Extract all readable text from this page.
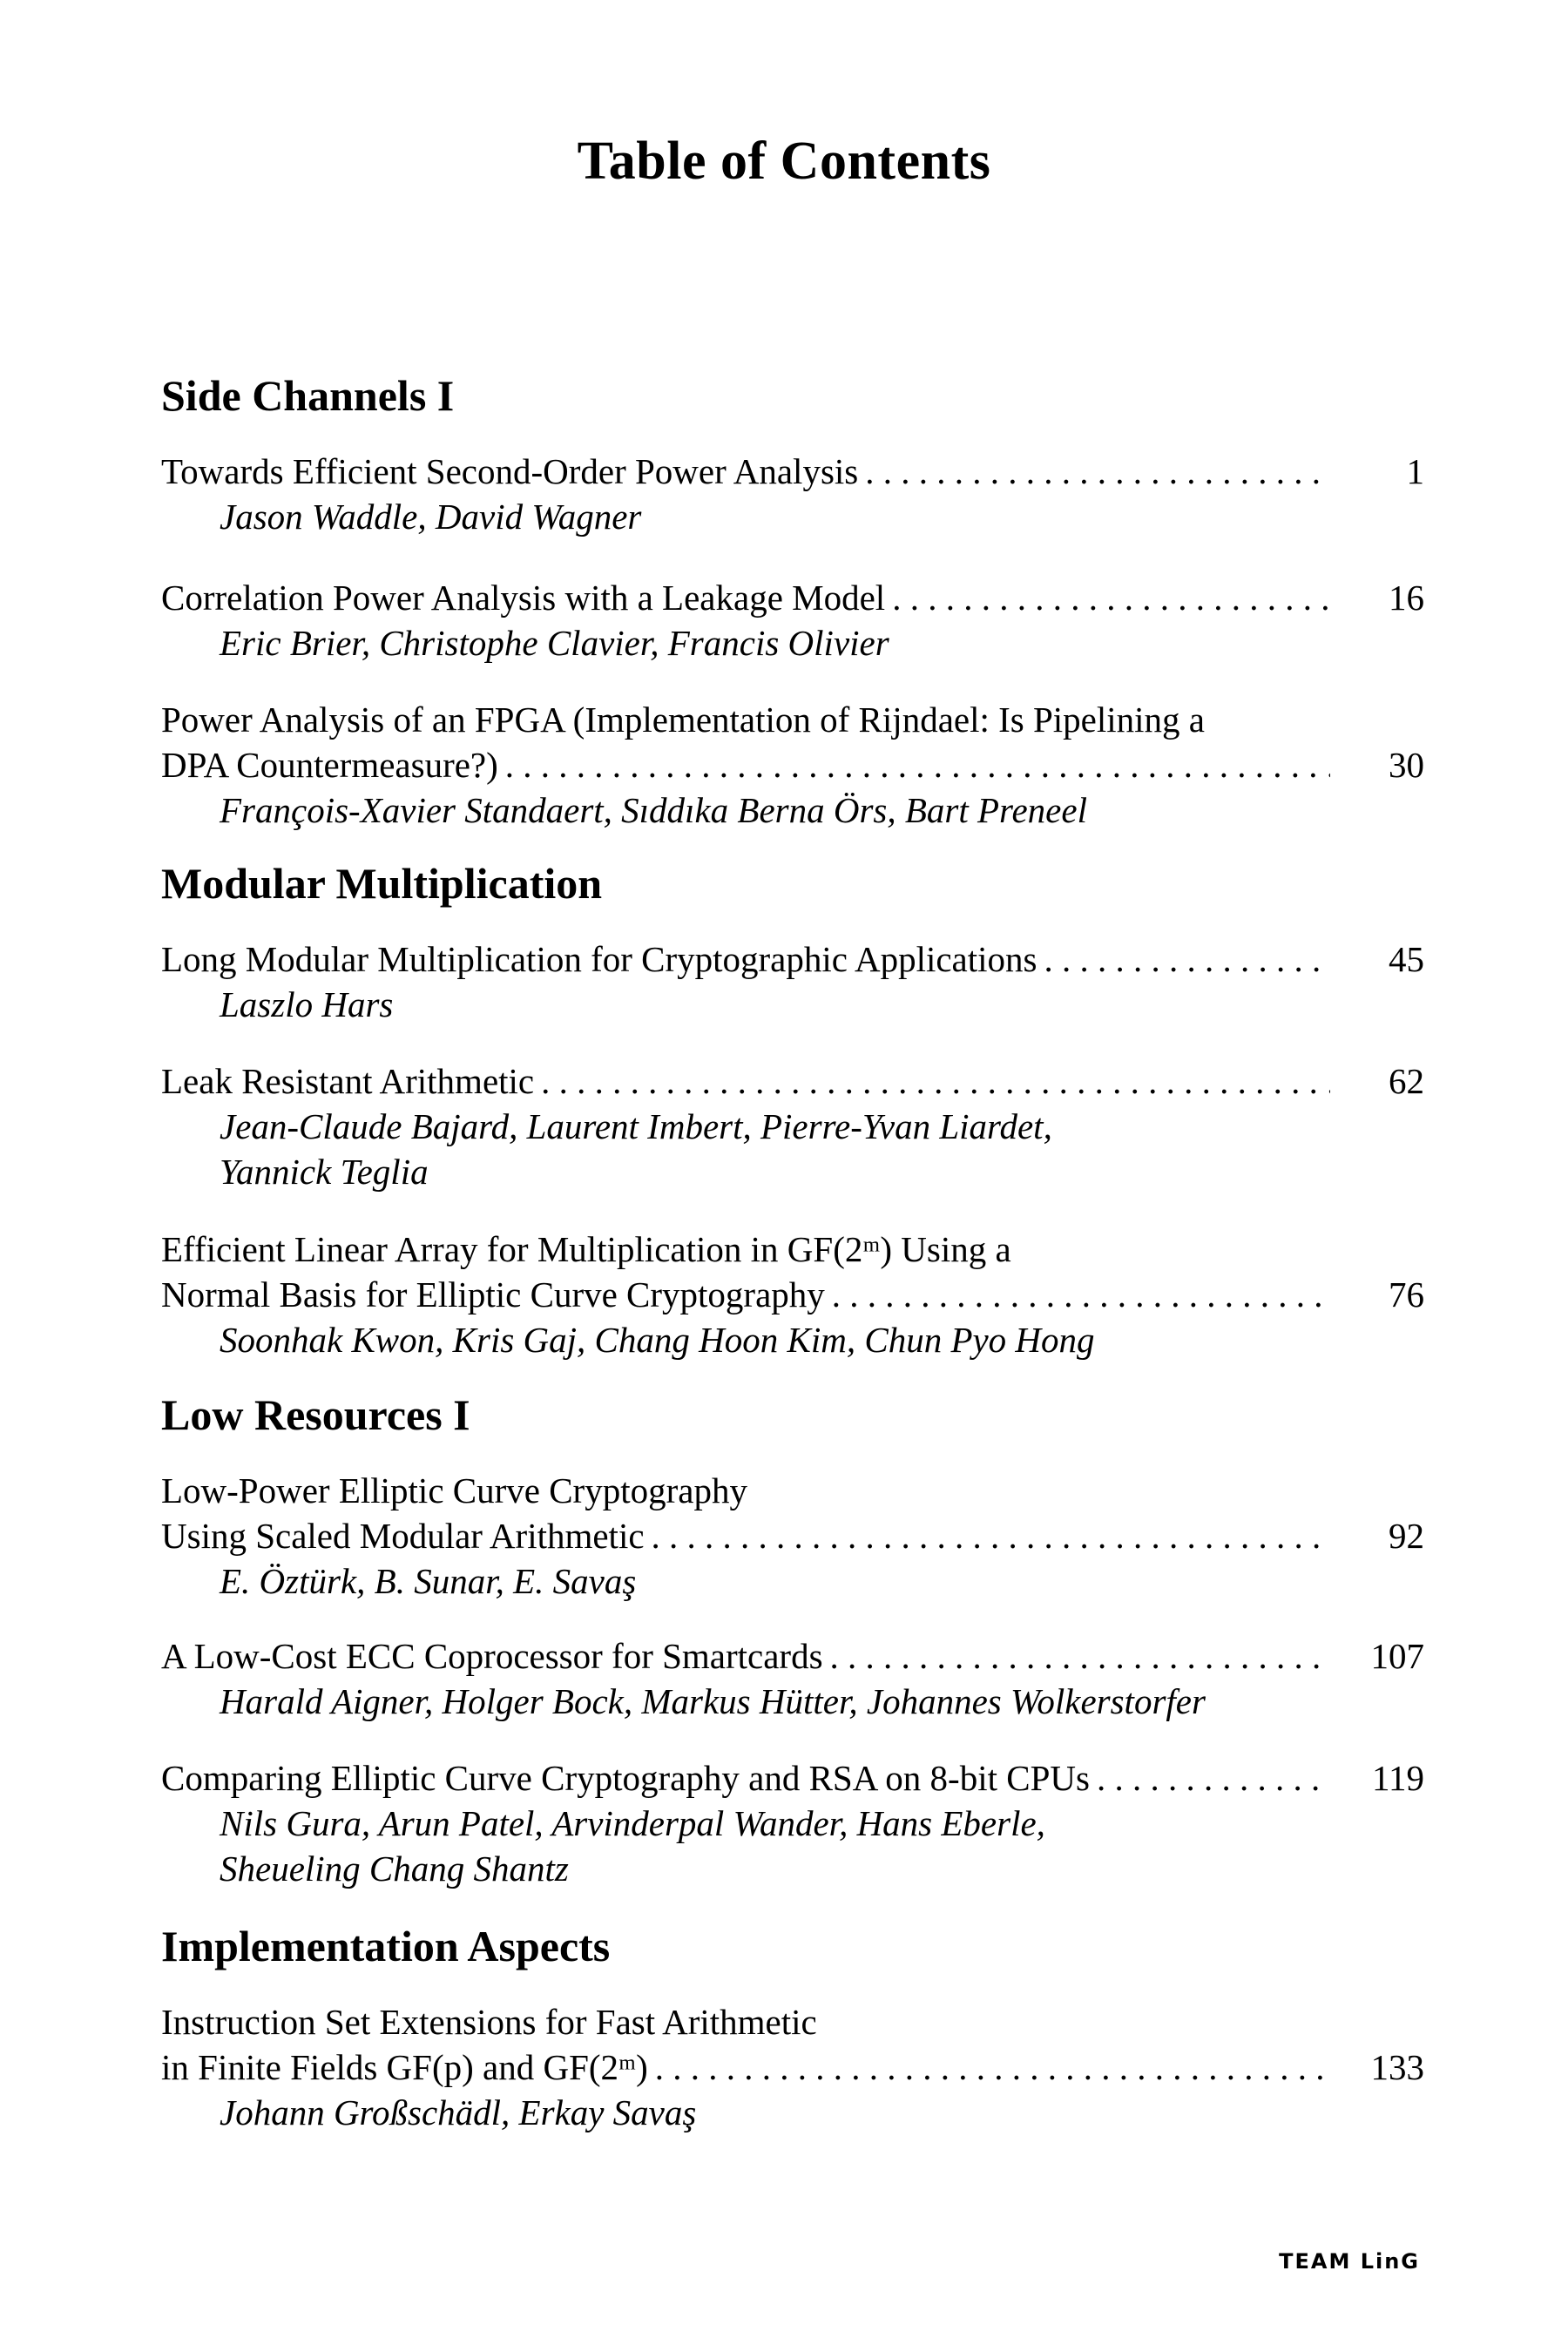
Table of Contents
Side Channels I
Towards Efficient Second-Order Power Analysis . . .	1
Jason Waddle, David Wagner
Correlation Power Analysis with a Leakage Model . . .	16
Eric Brier, Christophe Clavier, Francis Olivier
Power Analysis of an FPGA (Implementation of Rijndael: Is Pipelining a
DPA Countermeasure?) . . .	30
François-Xavier Standaert, Sıddıka Berna Örs, Bart Preneel
Modular Multiplication
Long Modular Multiplication for Cryptographic Applications . . .	45
Laszlo Hars
Leak Resistant Arithmetic . . .	62
Jean-Claude Bajard, Laurent Imbert, Pierre-Yvan Liardet,
Yannick Teglia
Efficient Linear Array for Multiplication in GF(2ᵐ) Using a
Normal Basis for Elliptic Curve Cryptography . . .	76
Soonhak Kwon, Kris Gaj, Chang Hoon Kim, Chun Pyo Hong
Low Resources I
Low-Power Elliptic Curve Cryptography
Using Scaled Modular Arithmetic . . .	92
E. Öztürk, B. Sunar, E. Savaş
A Low-Cost ECC Coprocessor for Smartcards . . .	107
Harald Aigner, Holger Bock, Markus Hütter, Johannes Wolkerstorfer
Comparing Elliptic Curve Cryptography and RSA on 8-bit CPUs . . .	119
Nils Gura, Arun Patel, Arvinderpal Wander, Hans Eberle,
Sheueling Chang Shantz
Implementation Aspects
Instruction Set Extensions for Fast Arithmetic
in Finite Fields GF(p) and GF(2ᵐ) . . .	133
Johann Großschädl, Erkay Savaş
TEAM LinG
